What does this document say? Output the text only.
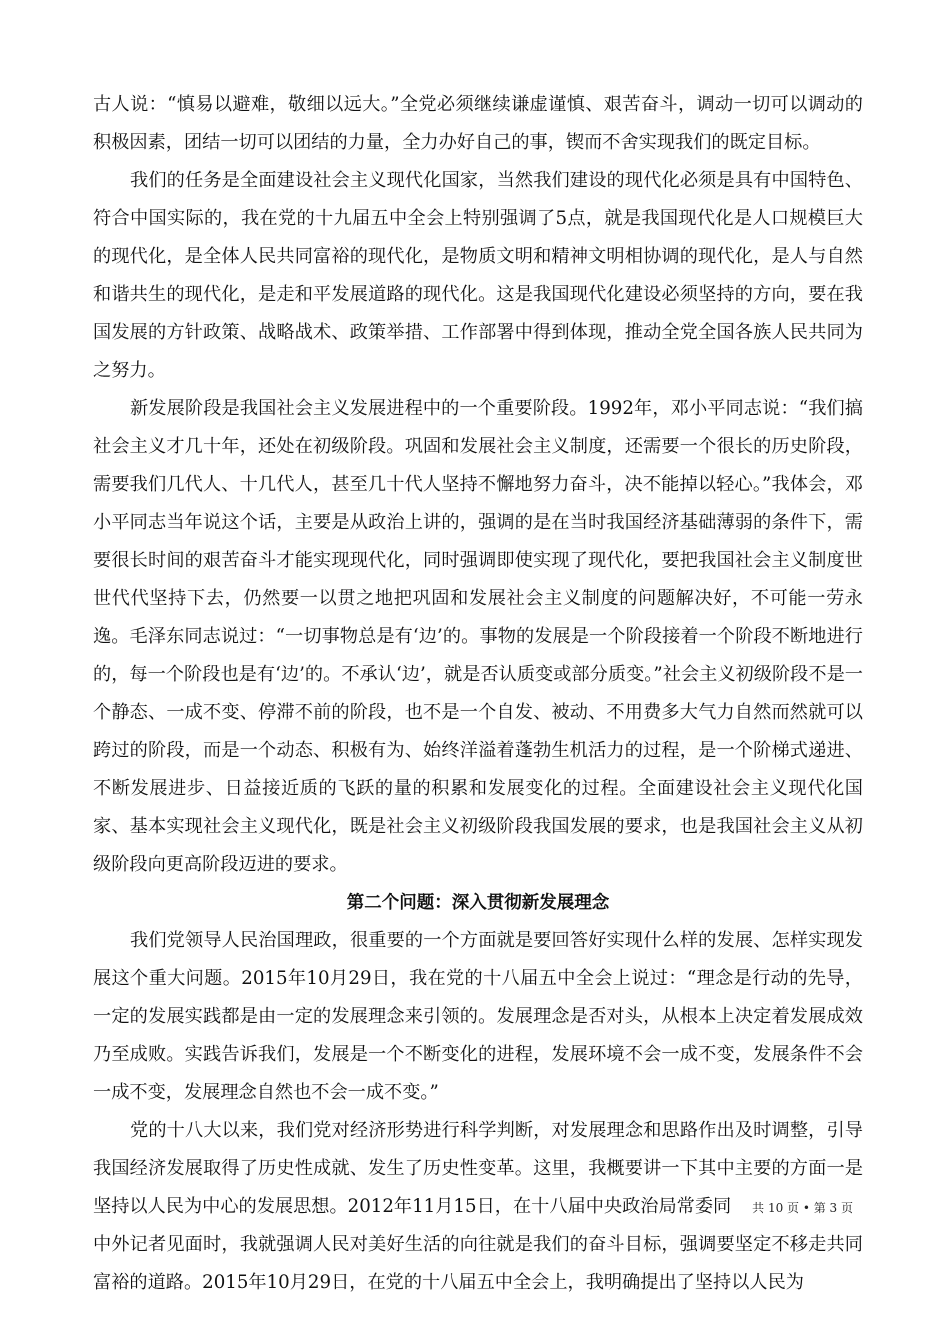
古人说：“慎易以避难，敬细以远大。”全党必须继续谦虚谨慎、艰苦奋斗，调动一切可以调动的积极因素，团结一切可以团结的力量，全力办好自己的事，锲而不舍实现我们的既定目标。

我们的任务是全面建设社会主义现代化国家，当然我们建设的现代化必须是具有中国特色、符合中国实际的，我在党的十九届五中全会上特别强调了5点，就是我国现代化是人口规模巨大的现代化，是全体人民共同富裕的现代化，是物质文明和精神文明相协调的现代化，是人与自然和谐共生的现代化，是走和平发展道路的现代化。这是我国现代化建设必须坚持的方向，要在我国发展的方针政策、战略战术、政策举措、工作部署中得到体现，推动全党全国各族人民共同为之努力。

新发展阶段是我国社会主义发展进程中的一个重要阶段。1992年，邓小平同志说：“我们搞社会主义才几十年，还处在初级阶段。巩固和发展社会主义制度，还需要一个很长的历史阶段，需要我们几代人、十几代人，甚至几十代人坚持不懈地努力奋斗，决不能掉以轻心。”我体会，邓小平同志当年说这个话，主要是从政治上讲的，强调的是在当时我国经济基础薄弱的条件下，需要很长时间的艰苦奋斗才能实现现代化，同时强调即使实现了现代化，要把我国社会主义制度世世代代坚持下去，仍然要一以贯之地把巩固和发展社会主义制度的问题解决好，不可能一劳永逸。毛泽东同志说过：“一切事物总是有‘边’的。事物的发展是一个阶段接着一个阶段不断地进行的，每一个阶段也是有‘边’的。不承认‘边’，就是否认质变或部分质变。”社会主义初级阶段不是一个静态、一成不变、停滞不前的阶段，也不是一个自发、被动、不用费多大气力自然而然就可以跨过的阶段，而是一个动态、积极有为、始终洋溢着蓬勃生机活力的过程，是一个阶梯式递进、不断发展进步、日益接近质的飞跃的量的积累和发展变化的过程。全面建设社会主义现代化国家、基本实现社会主义现代化，既是社会主义初级阶段我国发展的要求，也是我国社会主义从初级阶段向更高阶段迈进的要求。

第二个问题：深入贯彻新发展理念

我们党领导人民治国理政，很重要的一个方面就是要回答好实现什么样的发展、怎样实现发展这个重大问题。2015年10月29日，我在党的十八届五中全会上说过：“理念是行动的先导，一定的发展实践都是由一定的发展理念来引领的。发展理念是否对头，从根本上决定着发展成效乃至成败。实践告诉我们，发展是一个不断变化的进程，发展环境不会一成不变，发展条件不会一成不变，发展理念自然也不会一成不变。”

党的十八大以来，我们党对经济形势进行科学判断，对发展理念和思路作出及时调整，引导我国经济发展取得了历史性成就、发生了历史性变革。这里，我概要讲一下其中主要的方面一是坚持以人民为中心的发展思想。2012年11月15日，在十八届中央政治局常委同	共 10 页 • 第 3 页

中外记者见面时，我就强调人民对美好生活的向往就是我们的奋斗目标，强调要坚定不移走共同富裕的道路。2015年10月29日，在党的十八届五中全会上，我明确提出了坚持以人民为
